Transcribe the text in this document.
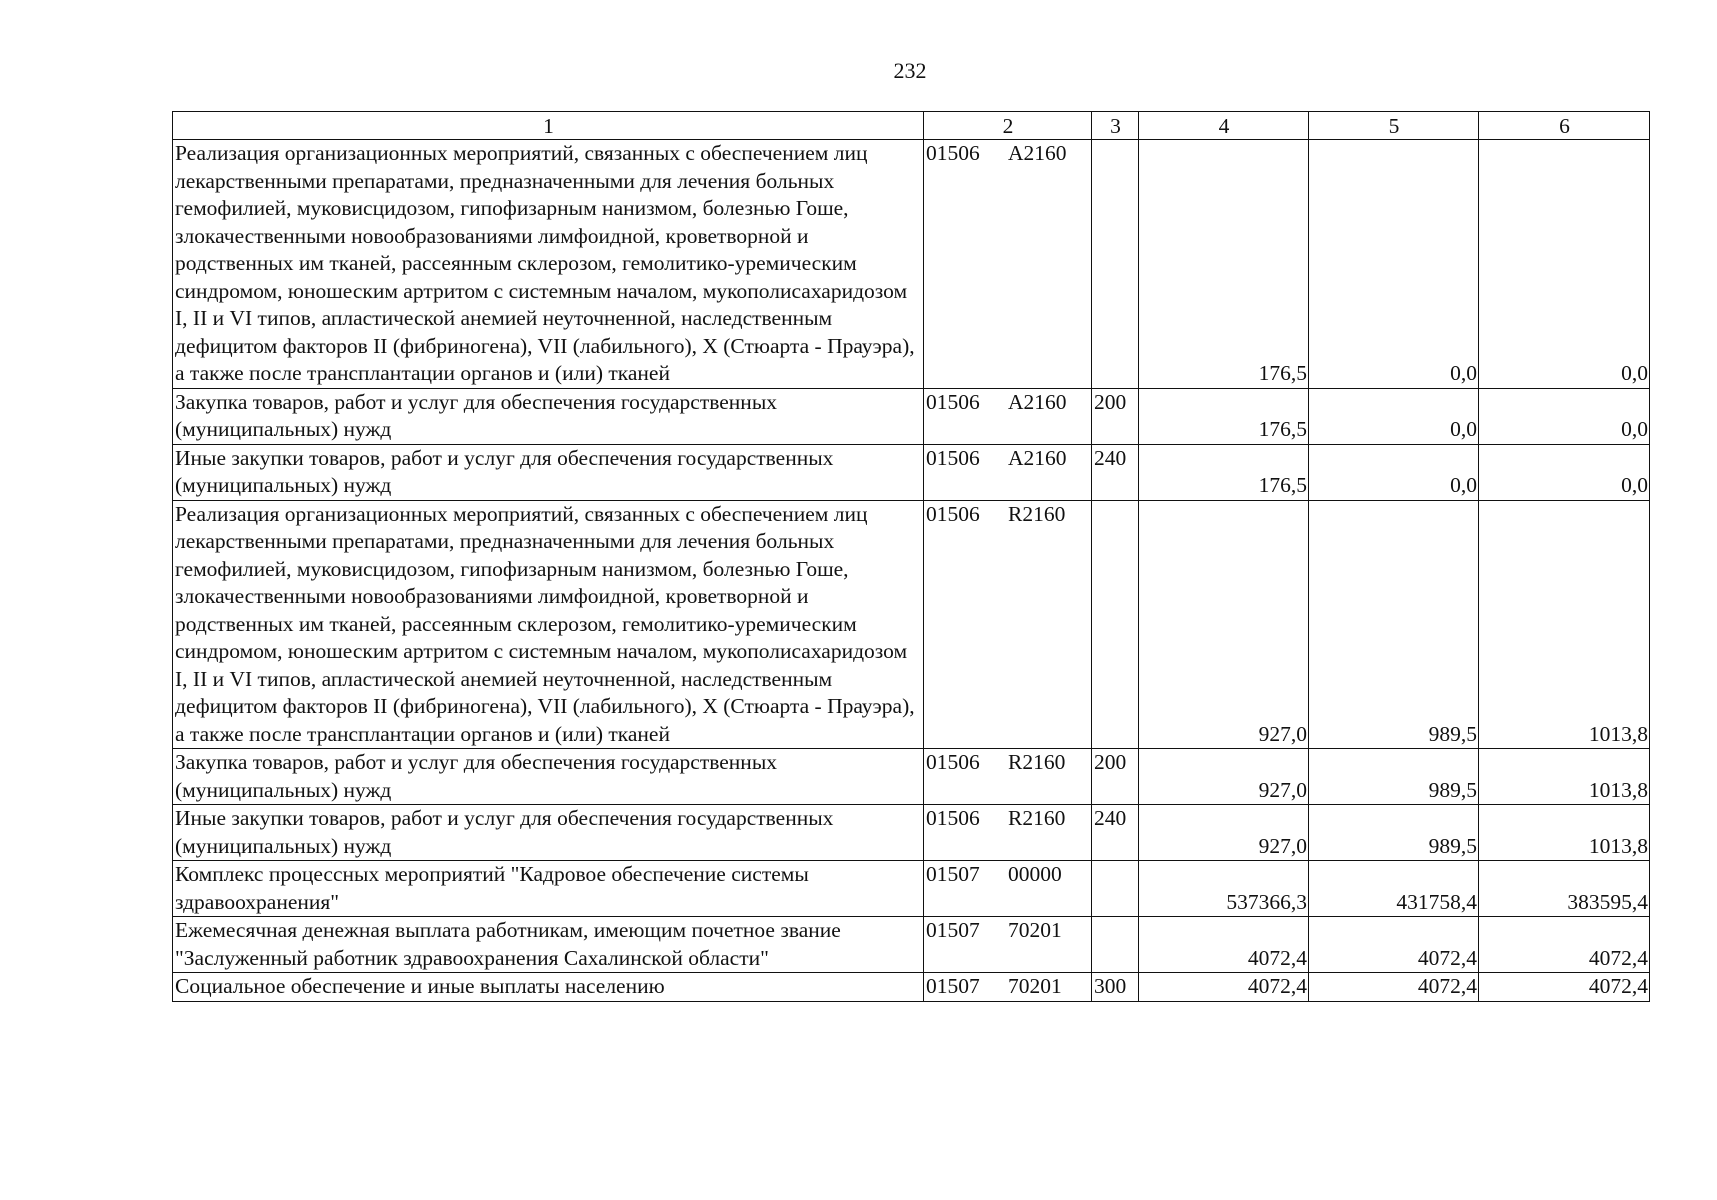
232
1	2	3	4	5	6
Реализация организационных мероприятий, связанных с обеспечением лиц лекарственными препаратами, предназначенными для лечения больных гемофилией, муковисцидозом, гипофизарным нанизмом, болезнью Гоше, злокачественными новообразованиями лимфоидной, кроветворной и родственных им тканей, рассеянным склерозом, гемолитико-уремическим синдромом, юношеским артритом с системным началом, мукополисахаридозом I, II и VI типов, апластической анемией неуточненной, наследственным дефицитом факторов II (фибриногена), VII (лабильного), X (Стюарта - Прауэра), а также после трансплантации органов и (или) тканей	01506 А2160		176,5	0,0	0,0
Закупка товаров, работ и услуг для обеспечения государственных (муниципальных) нужд	01506 А2160	200	176,5	0,0	0,0
Иные закупки товаров, работ и услуг для обеспечения государственных (муниципальных) нужд	01506 А2160	240	176,5	0,0	0,0
Реализация организационных мероприятий, связанных с обеспечением лиц лекарственными препаратами, предназначенными для лечения больных гемофилией, муковисцидозом, гипофизарным нанизмом, болезнью Гоше, злокачественными новообразованиями лимфоидной, кроветворной и родственных им тканей, рассеянным склерозом, гемолитико-уремическим синдромом, юношеским артритом с системным началом, мукополисахаридозом I, II и VI типов, апластической анемией неуточненной, наследственным дефицитом факторов II (фибриногена), VII (лабильного), X (Стюарта - Прауэра), а также после трансплантации органов и (или) тканей	01506 R2160		927,0	989,5	1013,8
Закупка товаров, работ и услуг для обеспечения государственных (муниципальных) нужд	01506 R2160	200	927,0	989,5	1013,8
Иные закупки товаров, работ и услуг для обеспечения государственных (муниципальных) нужд	01506 R2160	240	927,0	989,5	1013,8
Комплекс процессных мероприятий "Кадровое обеспечение системы здравоохранения"	01507 00000		537366,3	431758,4	383595,4
Ежемесячная денежная выплата работникам, имеющим почетное звание "Заслуженный работник здравоохранения Сахалинской области"	01507 70201		4072,4	4072,4	4072,4
Социальное обеспечение и иные выплаты населению	01507 70201	300	4072,4	4072,4	4072,4
